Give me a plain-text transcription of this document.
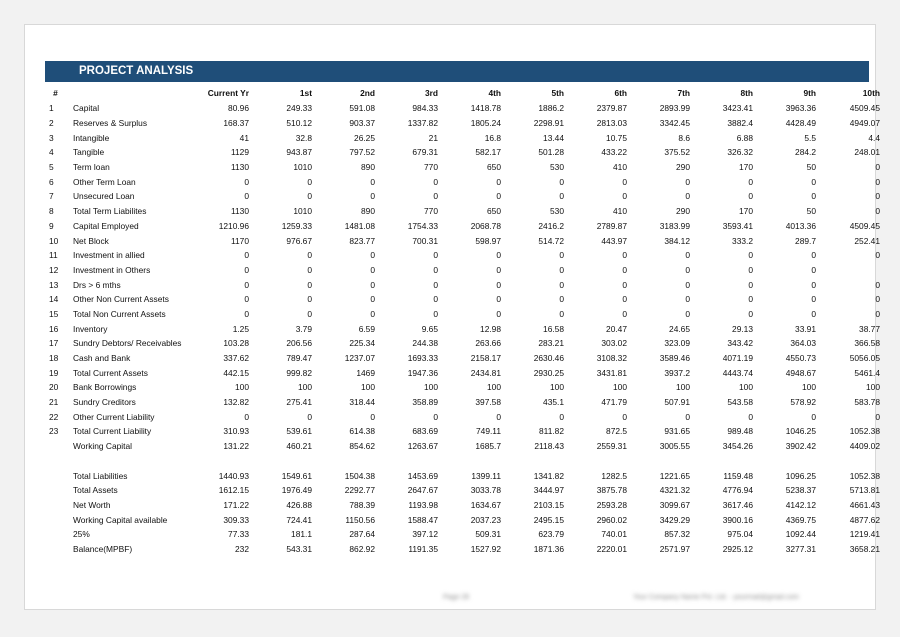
PROJECT ANALYSIS
#		Current Yr	1st	2nd	3rd	4th	5th	6th	7th	8th	9th	10th
1	Capital	80.96	249.33	591.08	984.33	1418.78	1886.2	2379.87	2893.99	3423.41	3963.36	4509.45
2	Reserves & Surplus	168.37	510.12	903.37	1337.82	1805.24	2298.91	2813.03	3342.45	3882.4	4428.49	4949.07
3	Intangible	41	32.8	26.25	21	16.8	13.44	10.75	8.6	6.88	5.5	4.4
4	Tangible	1129	943.87	797.52	679.31	582.17	501.28	433.22	375.52	326.32	284.2	248.01
5	Term loan	1130	1010	890	770	650	530	410	290	170	50	0
6	Other Term Loan	0	0	0	0	0	0	0	0	0	0	0
7	Unsecured Loan	0	0	0	0	0	0	0	0	0	0	0
8	Total Term Liabilites	1130	1010	890	770	650	530	410	290	170	50	0
9	Capital Employed	1210.96	1259.33	1481.08	1754.33	2068.78	2416.2	2789.87	3183.99	3593.41	4013.36	4509.45
10	Net Block	1170	976.67	823.77	700.31	598.97	514.72	443.97	384.12	333.2	289.7	252.41
11	Investment in allied	0	0	0	0	0	0	0	0	0	0	0
12	Investment in Others	0	0	0	0	0	0	0	0	0	0	
13	Drs > 6 mths	0	0	0	0	0	0	0	0	0	0	0
14	Other Non Current Assets	0	0	0	0	0	0	0	0	0	0	0
15	Total Non Current Assets	0	0	0	0	0	0	0	0	0	0	0
16	Inventory	1.25	3.79	6.59	9.65	12.98	16.58	20.47	24.65	29.13	33.91	38.77
17	Sundry Debtors/ Receivables	103.28	206.56	225.34	244.38	263.66	283.21	303.02	323.09	343.42	364.03	366.58
18	Cash and Bank	337.62	789.47	1237.07	1693.33	2158.17	2630.46	3108.32	3589.46	4071.19	4550.73	5056.05
19	Total Current Assets	442.15	999.82	1469	1947.36	2434.81	2930.25	3431.81	3937.2	4443.74	4948.67	5461.4
20	Bank Borrowings	100	100	100	100	100	100	100	100	100	100	100
21	Sundry Creditors	132.82	275.41	318.44	358.89	397.58	435.1	471.79	507.91	543.58	578.92	583.78
22	Other Current Liability	0	0	0	0	0	0	0	0	0	0	0
23	Total Current Liability	310.93	539.61	614.38	683.69	749.11	811.82	872.5	931.65	989.48	1046.25	1052.38
	Working Capital	131.22	460.21	854.62	1263.67	1685.7	2118.43	2559.31	3005.55	3454.26	3902.42	4409.02

	Total Liabilities	1440.93	1549.61	1504.38	1453.69	1399.11	1341.82	1282.5	1221.65	1159.48	1096.25	1052.38
	Total Assets	1612.15	1976.49	2292.77	2647.67	3033.78	3444.97	3875.78	4321.32	4776.94	5238.37	5713.81
	Net Worth	171.22	426.88	788.39	1193.98	1634.67	2103.15	2593.28	3099.67	3617.46	4142.12	4661.43
	Working Capital available	309.33	724.41	1150.56	1588.47	2037.23	2495.15	2960.02	3429.29	3900.16	4369.75	4877.62
	25%	77.33	181.1	287.64	397.12	509.31	623.79	740.01	857.32	975.04	1092.44	1219.41
	Balance(MPBF)	232	543.31	862.92	1191.35	1527.92	1871.36	2220.01	2571.97	2925.12	3277.31	3658.21
Page 28	Your Company Name Pvt. Ltd. - yourmail@gmail.com
